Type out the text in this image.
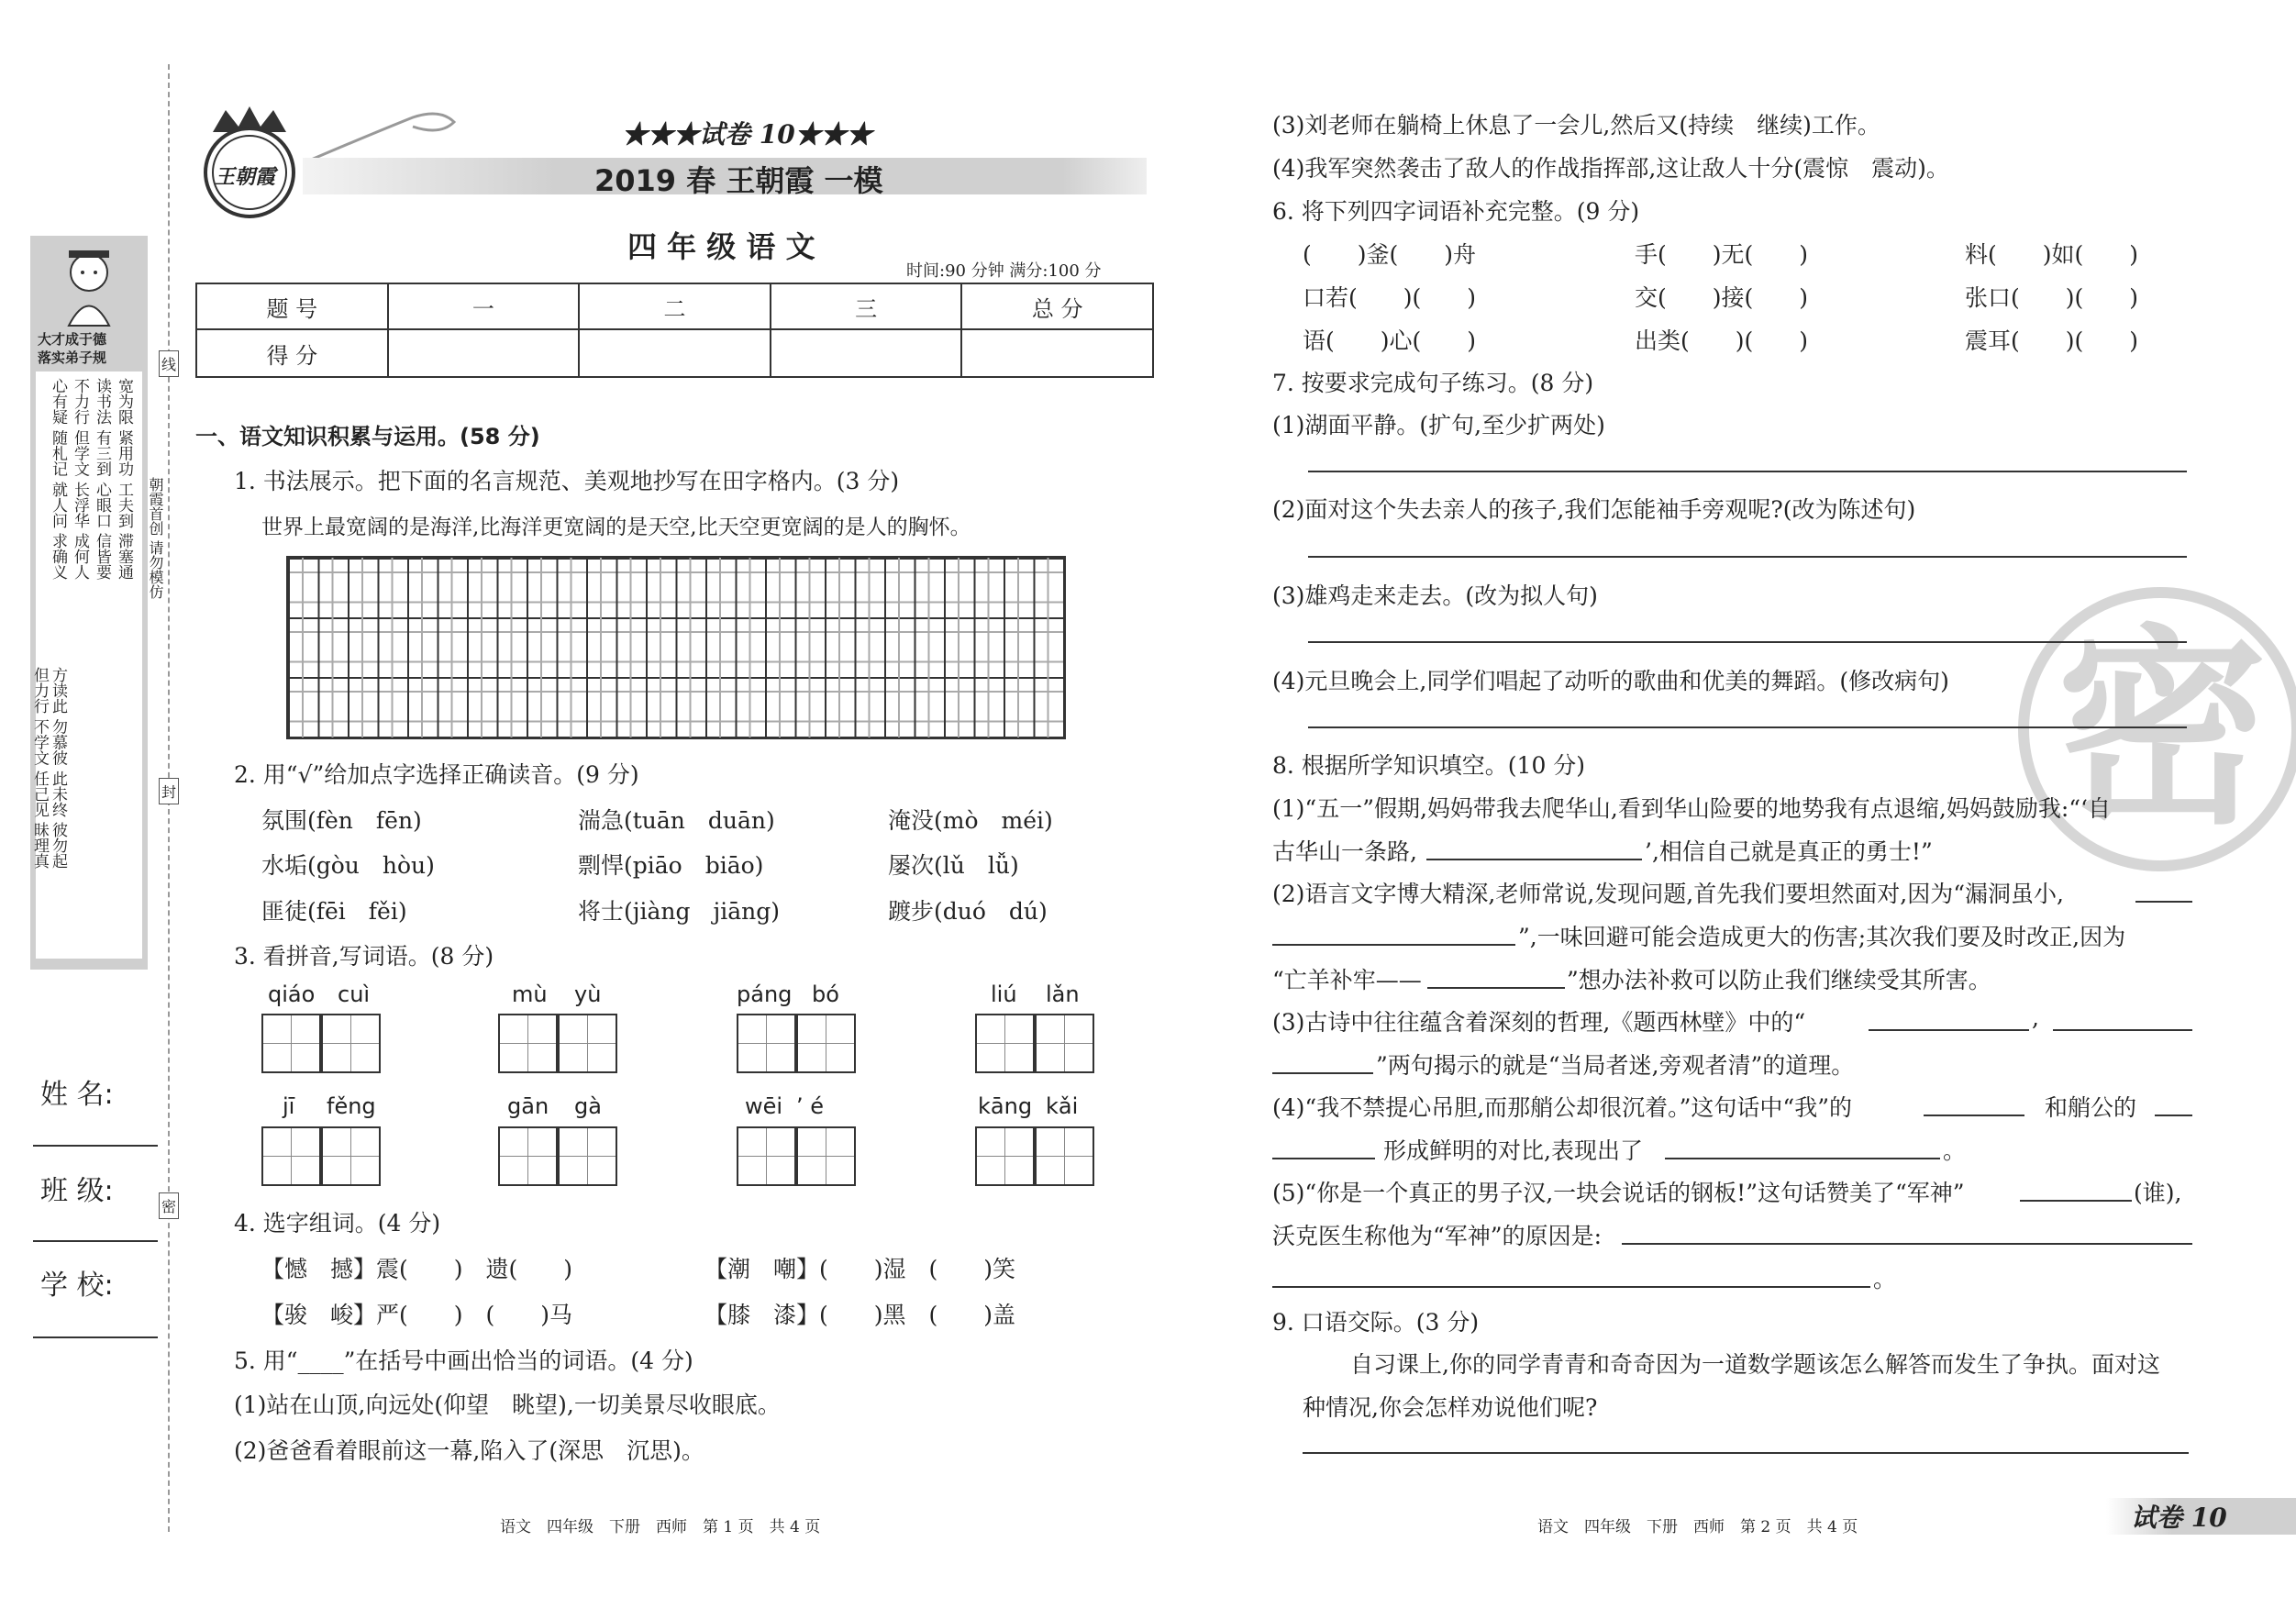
大才成于德
落实弟子规
宽为限 紧用功 工夫到 滞塞通
读书法 有三到 心眼口 信皆要
不力行 但学文 长浮华 成何人
心有疑 随札记 就人问 求确义
方读此 勿慕彼 此未终 彼勿起
但力行 不学文 任己见 昧理真
朝霞首创 请勿模仿
线
封
密
姓 名:
班 级:
学 校:
王朝霞
★★★试卷 10★★★
2019 春 王朝霞 一模
四 年 级 语 文
时间:90 分钟 满分:100 分
题 号	一	二	三	总 分
得 分				
一、语文知识积累与运用。(58 分)
1. 书法展示。把下面的名言规范、美观地抄写在田字格内。(3 分)
世界上最宽阔的是海洋,比海洋更宽阔的是天空,比天空更宽阔的是人的胸怀。
2. 用“√”给加点字选择正确读音。(9 分)
氛围(fèn　fēn)	湍急(tuān　duān)	淹没(mò　méi)
水垢(gòu　hòu)	剽悍(piāo　biāo)	屡次(lǔ　lǚ)
匪徒(fēi　fěi)	将士(jiàng　jiāng)	踱步(duó　dú)
3. 看拼音,写词语。(8 分)
qiáo cuì	mù yù	páng bó	liú lǎn
jī fěng	gān gà	wēi ’ é	kāng kǎi
4. 选字组词。(4 分)
【憾　撼】震(　　)　遗(　　)	【潮　嘲】(　　)湿　(　　)笑
【骏　峻】严(　　)　(　　)马	【膝　漆】(　　)黑　(　　)盖
5. 用“____”在括号中画出恰当的词语。(4 分)
(1)站在山顶,向远处(仰望　眺望),一切美景尽收眼底。
(2)爸爸看着眼前这一幕,陷入了(深思　沉思)。
语文　四年级　下册　西师　第 1 页　共 4 页
密
(3)刘老师在躺椅上休息了一会儿,然后又(持续　继续)工作。
(4)我军突然袭击了敌人的作战指挥部,这让敌人十分(震惊　震动)。
6. 将下列四字词语补充完整。(9 分)
(　　)釜(　　)舟	手(　　)无(　　)	料(　　)如(　　)
口若(　　)(　　)	交(　　)接(　　)	张口(　　)(　　)
语(　　)心(　　)	出类(　　)(　　)	震耳(　　)(　　)
7. 按要求完成句子练习。(8 分)
(1)湖面平静。(扩句,至少扩两处)
(2)面对这个失去亲人的孩子,我们怎能袖手旁观呢?(改为陈述句)
(3)雄鸡走来走去。(改为拟人句)
(4)元旦晚会上,同学们唱起了动听的歌曲和优美的舞蹈。(修改病句)
8. 根据所学知识填空。(10 分)
(1)“五一”假期,妈妈带我去爬华山,看到华山险要的地势我有点退缩,妈妈鼓励我:“‘自
古华山一条路,	’,相信自己就是真正的勇士!”
(2)语言文字博大精深,老师常说,发现问题,首先我们要坦然面对,因为“漏洞虽小,
”,一味回避可能会造成更大的伤害;其次我们要及时改正,因为
“亡羊补牢——	”想办法补救可以防止我们继续受其所害。
(3)古诗中往往蕴含着深刻的哲理,《题西林壁》中的“	,
”两句揭示的就是“当局者迷,旁观者清”的道理。
(4)“我不禁提心吊胆,而那艄公却很沉着。”这句话中“我”的	和艄公的
形成鲜明的对比,表现出了	。
(5)“你是一个真正的男子汉,一块会说话的钢板!”这句话赞美了“军神”	(谁),
沃克医生称他为“军神”的原因是:
。
9. 口语交际。(3 分)
自习课上,你的同学青青和奇奇因为一道数学题该怎么解答而发生了争执。面对这
种情况,你会怎样劝说他们呢?
语文　四年级　下册　西师　第 2 页　共 4 页	试卷 10
